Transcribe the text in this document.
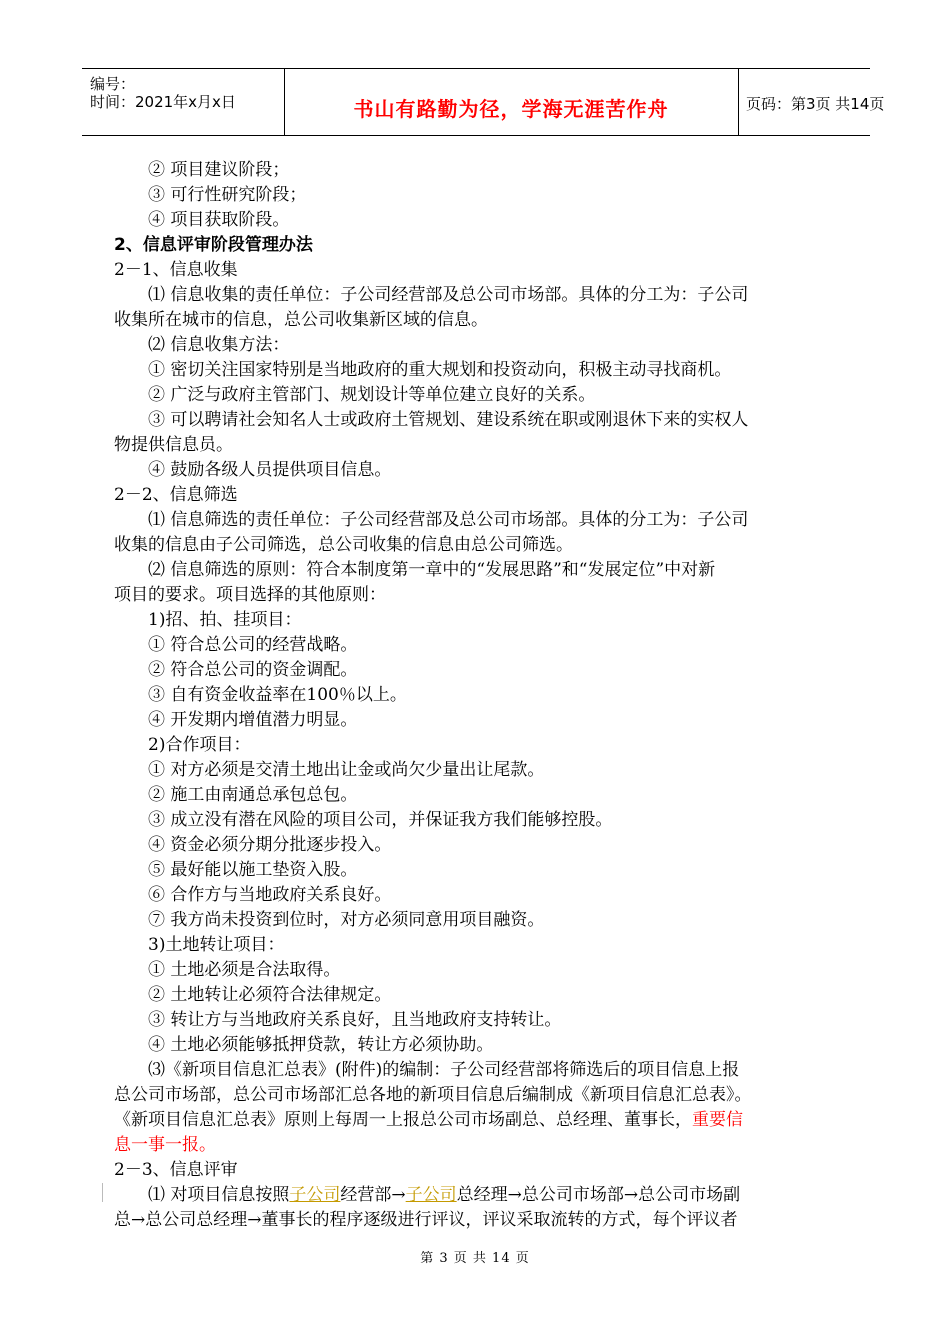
编号：
时间：2021年x月x日	书山有路勤为径，学海无涯苦作舟	页码：第3页 共14页
② 项目建议阶段；
③ 可行性研究阶段；
④ 项目获取阶段。
2、信息评审阶段管理办法
2－1、信息收集
⑴ 信息收集的责任单位：子公司经营部及总公司市场部。具体的分工为：子公司
收集所在城市的信息，总公司收集新区域的信息。
⑵ 信息收集方法：
① 密切关注国家特别是当地政府的重大规划和投资动向，积极主动寻找商机。
② 广泛与政府主管部门、规划设计等单位建立良好的关系。
③ 可以聘请社会知名人士或政府土管规划、建设系统在职或刚退休下来的实权人
物提供信息员。
④ 鼓励各级人员提供项目信息。
2－2、信息筛选
⑴ 信息筛选的责任单位：子公司经营部及总公司市场部。具体的分工为：子公司
收集的信息由子公司筛选，总公司收集的信息由总公司筛选。
⑵ 信息筛选的原则：符合本制度第一章中的“发展思路”和“发展定位”中对新
项目的要求。项目选择的其他原则：
1)招、拍、挂项目：
① 符合总公司的经营战略。
② 符合总公司的资金调配。
③ 自有资金收益率在100％以上。
④ 开发期内增值潜力明显。
2)合作项目：
① 对方必须是交清土地出让金或尚欠少量出让尾款。
② 施工由南通总承包总包。
③ 成立没有潜在风险的项目公司，并保证我方我们能够控股。
④ 资金必须分期分批逐步投入。
⑤ 最好能以施工垫资入股。
⑥ 合作方与当地政府关系良好。
⑦ 我方尚未投资到位时，对方必须同意用项目融资。
3)土地转让项目：
① 土地必须是合法取得。
② 土地转让必须符合法律规定。
③ 转让方与当地政府关系良好，且当地政府支持转让。
④ 土地必须能够抵押贷款，转让方必须协助。
⑶《新项目信息汇总表》(附件)的编制：子公司经营部将筛选后的项目信息上报
总公司市场部，总公司市场部汇总各地的新项目信息后编制成《新项目信息汇总表》。
《新项目信息汇总表》原则上每周一上报总公司市场副总、总经理、董事长，重要信
息一事一报。
2－3、信息评审
⑴ 对项目信息按照子公司经营部→子公司总经理→总公司市场部→总公司市场副
总→总公司总经理→董事长的程序逐级进行评议，评议采取流转的方式，每个评议者
第 3 页 共 14 页
